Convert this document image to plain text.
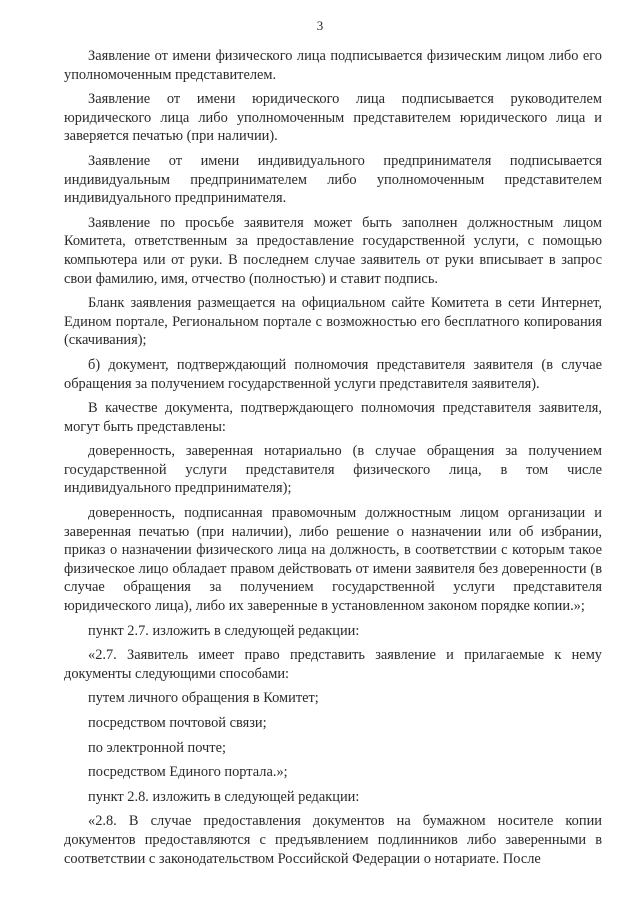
3

Заявление от имени физического лица подписывается физическим лицом либо его уполномоченным представителем.

Заявление от имени юридического лица подписывается руководителем юридического лица либо уполномоченным представителем юридического лица и заверяется печатью (при наличии).

Заявление от имени индивидуального предпринимателя подписывается индивидуальным предпринимателем либо уполномоченным представителем индивидуального предпринимателя.

Заявление по просьбе заявителя может быть заполнен должностным лицом Комитета, ответственным за предоставление государственной услуги, с помощью компьютера или от руки. В последнем случае заявитель от руки вписывает в запрос свои фамилию, имя, отчество (полностью) и ставит подпись.

Бланк заявления размещается на официальном сайте Комитета в сети Интернет, Едином портале, Региональном портале с возможностью его бесплатного копирования (скачивания);

б) документ, подтверждающий полномочия представителя заявителя (в случае обращения за получением государственной услуги представителя заявителя).

В качестве документа, подтверждающего полномочия представителя заявителя, могут быть представлены:

доверенность, заверенная нотариально (в случае обращения за получением государственной услуги представителя физического лица, в том числе индивидуального предпринимателя);

доверенность, подписанная правомочным должностным лицом организации и заверенная печатью (при наличии), либо решение о назначении или об избрании, приказ о назначении физического лица на должность, в соответствии с которым такое физическое лицо обладает правом действовать от имени заявителя без доверенности (в случае обращения за получением государственной услуги представителя юридического лица), либо их заверенные в установленном законом порядке копии.»;

пункт 2.7. изложить в следующей редакции:

«2.7. Заявитель имеет право представить заявление и прилагаемые к нему документы следующими способами:

путем личного обращения в Комитет;

посредством почтовой связи;

по электронной почте;

посредством Единого портала.»;

пункт 2.8. изложить в следующей редакции:

«2.8. В случае предоставления документов на бумажном носителе копии документов предоставляются с предъявлением подлинников либо заверенными в соответствии с законодательством Российской Федерации о нотариате. После
